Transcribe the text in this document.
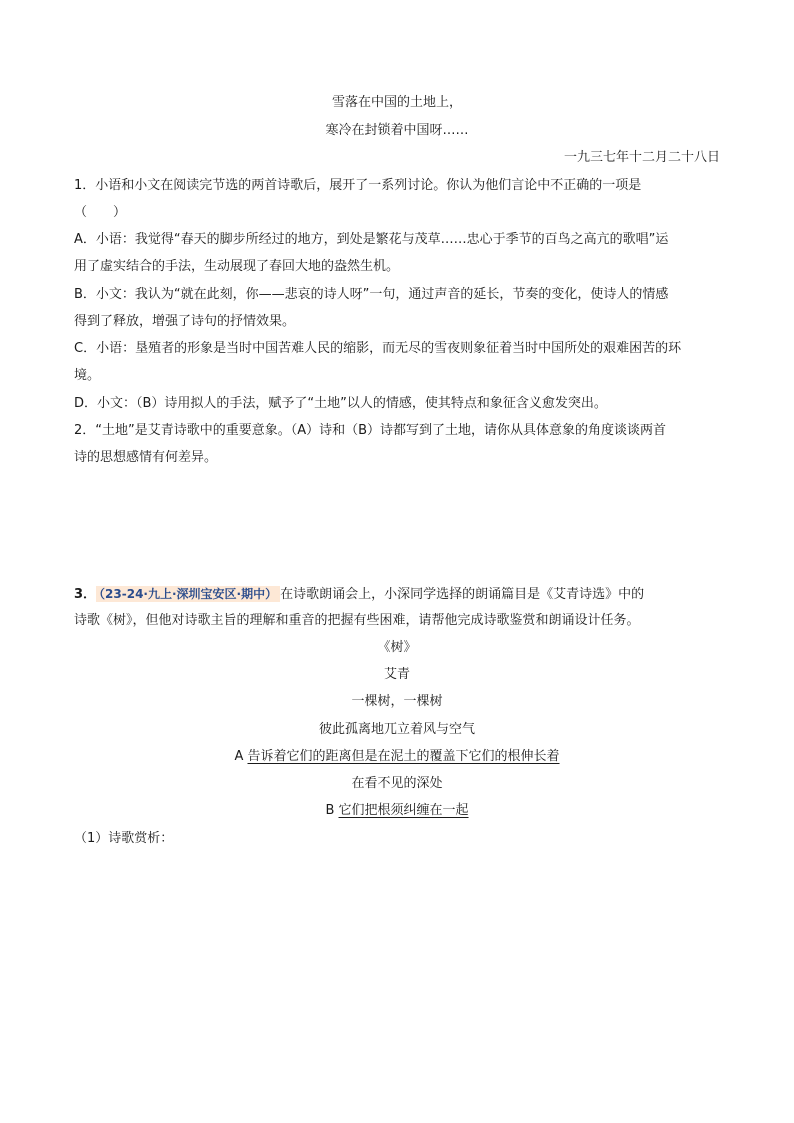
雪落在中国的土地上，
寒冷在封锁着中国呀……
一九三七年十二月二十八日
1．小语和小文在阅读完节选的两首诗歌后，展开了一系列讨论。你认为他们言论中不正确的一项是
（　　）
A．小语：我觉得“春天的脚步所经过的地方，到处是繁花与茂草……忠心于季节的百鸟之高亢的歌唱”运
用了虚实结合的手法，生动展现了春回大地的盎然生机。
B．小文：我认为“就在此刻，你——悲哀的诗人呀”一句，通过声音的延长，节奏的变化，使诗人的情感
得到了释放，增强了诗句的抒情效果。
C．小语：垦殖者的形象是当时中国苦难人民的缩影，而无尽的雪夜则象征着当时中国所处的艰难困苦的环
境。
D．小文：（B）诗用拟人的手法，赋予了“土地”以人的情感，使其特点和象征含义愈发突出。
2．“土地”是艾青诗歌中的重要意象。（A）诗和（B）诗都写到了土地，请你从具体意象的角度谈谈两首
诗的思想感情有何差异。
3． （23-24·九上·深圳宝安区·期中） 在诗歌朗诵会上，小深同学选择的朗诵篇目是《艾青诗选》中的
诗歌《树》，但他对诗歌主旨的理解和重音的把握有些困难，请帮他完成诗歌鉴赏和朗诵设计任务。
《树》
艾青
一棵树，一棵树
彼此孤离地兀立着风与空气
A 告诉着它们的距离但是在泥土的覆盖下它们的根伸长着
在看不见的深处
B 它们把根须纠缠在一起
（1）诗歌赏析：
